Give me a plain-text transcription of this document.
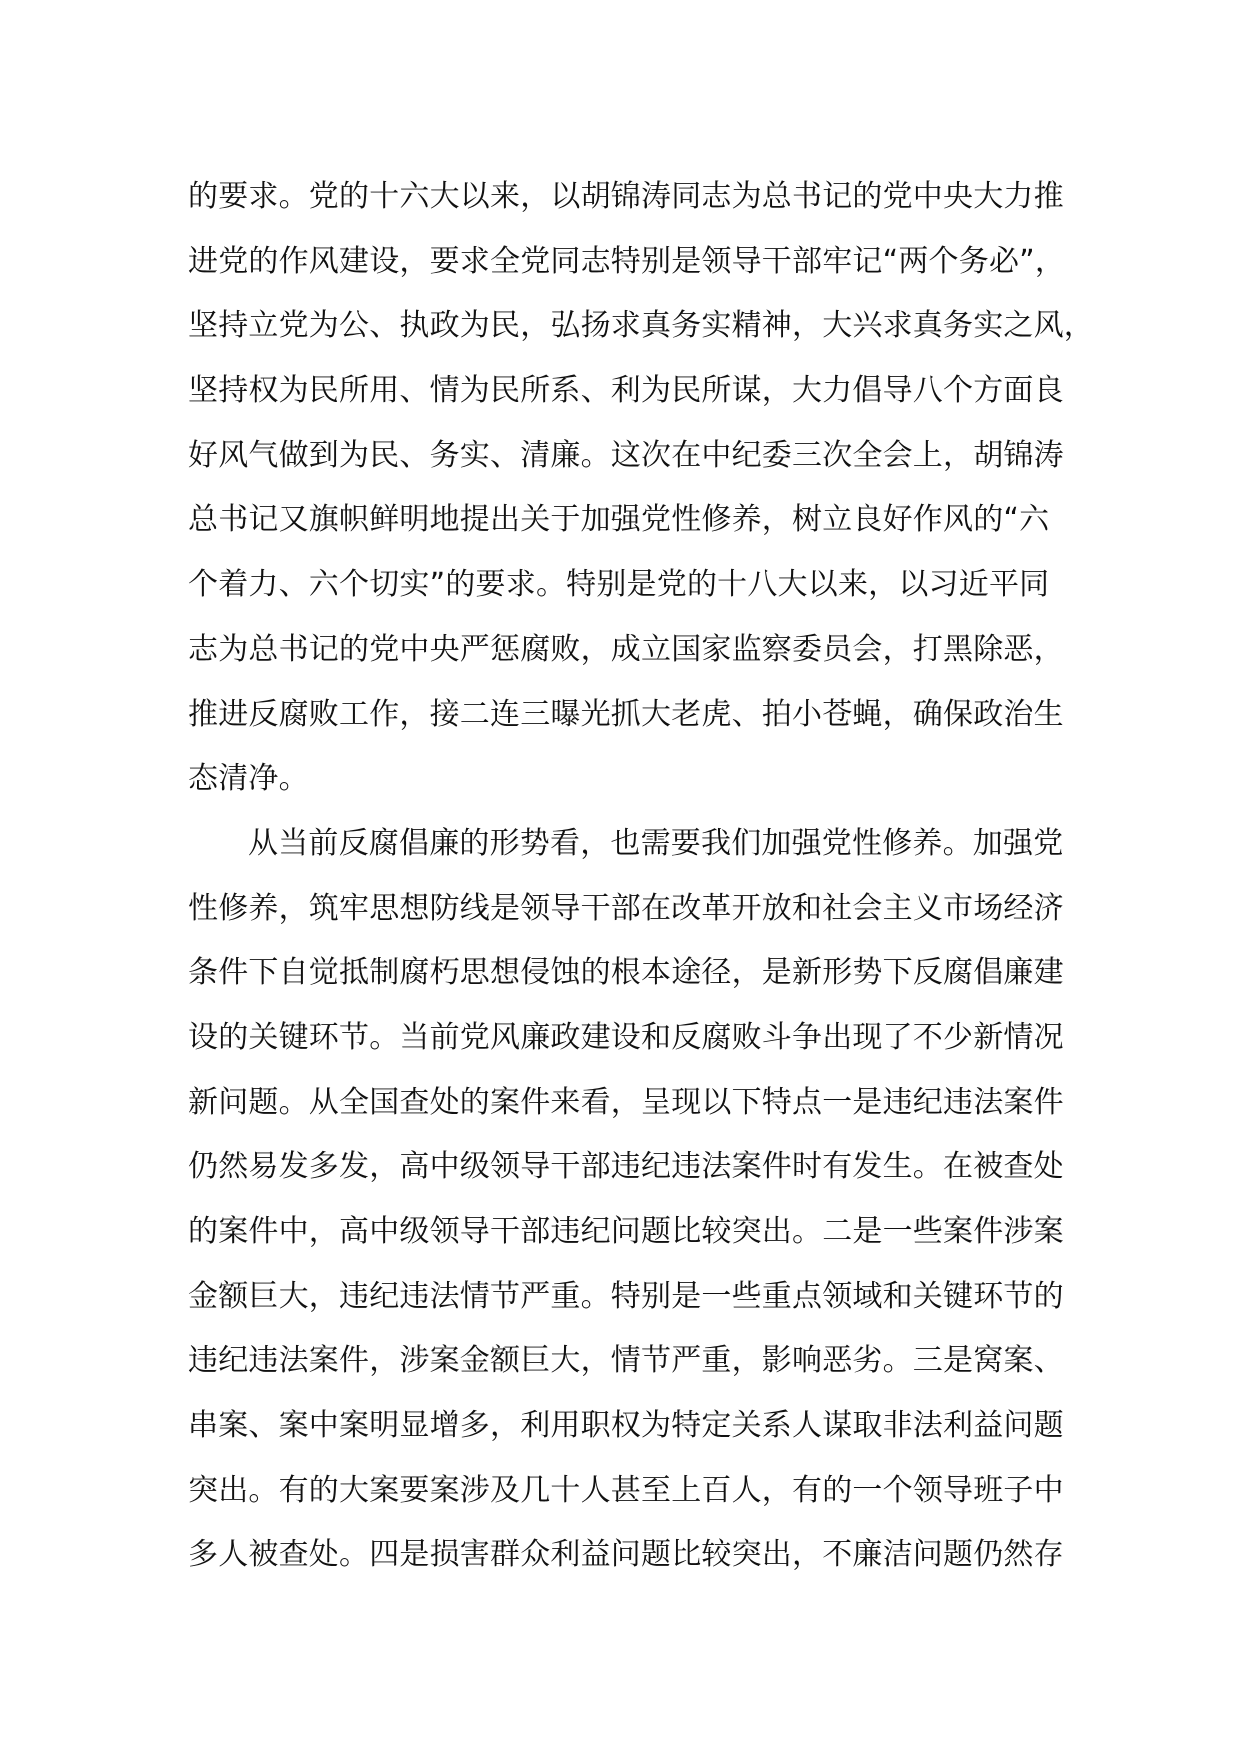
的要求。党的十六大以来，以胡锦涛同志为总书记的党中央大力推
进党的作风建设，要求全党同志特别是领导干部牢记“两个务必”，
坚持立党为公、执政为民，弘扬求真务实精神，大兴求真务实之风，
坚持权为民所用、情为民所系、利为民所谋，大力倡导八个方面良
好风气做到为民、务实、清廉。这次在中纪委三次全会上，胡锦涛
总书记又旗帜鲜明地提出关于加强党性修养，树立良好作风的“六
个着力、六个切实”的要求。特别是党的十八大以来，以习近平同
志为总书记的党中央严惩腐败，成立国家监察委员会，打黑除恶，
推进反腐败工作，接二连三曝光抓大老虎、拍小苍蝇，确保政治生
态清净。
从当前反腐倡廉的形势看，也需要我们加强党性修养。加强党
性修养，筑牢思想防线是领导干部在改革开放和社会主义市场经济
条件下自觉抵制腐朽思想侵蚀的根本途径，是新形势下反腐倡廉建
设的关键环节。当前党风廉政建设和反腐败斗争出现了不少新情况
新问题。从全国查处的案件来看，呈现以下特点一是违纪违法案件
仍然易发多发，高中级领导干部违纪违法案件时有发生。在被查处
的案件中，高中级领导干部违纪问题比较突出。二是一些案件涉案
金额巨大，违纪违法情节严重。特别是一些重点领域和关键环节的
违纪违法案件，涉案金额巨大，情节严重，影响恶劣。三是窝案、
串案、案中案明显增多，利用职权为特定关系人谋取非法利益问题
突出。有的大案要案涉及几十人甚至上百人，有的一个领导班子中
多人被查处。四是损害群众利益问题比较突出，不廉洁问题仍然存
